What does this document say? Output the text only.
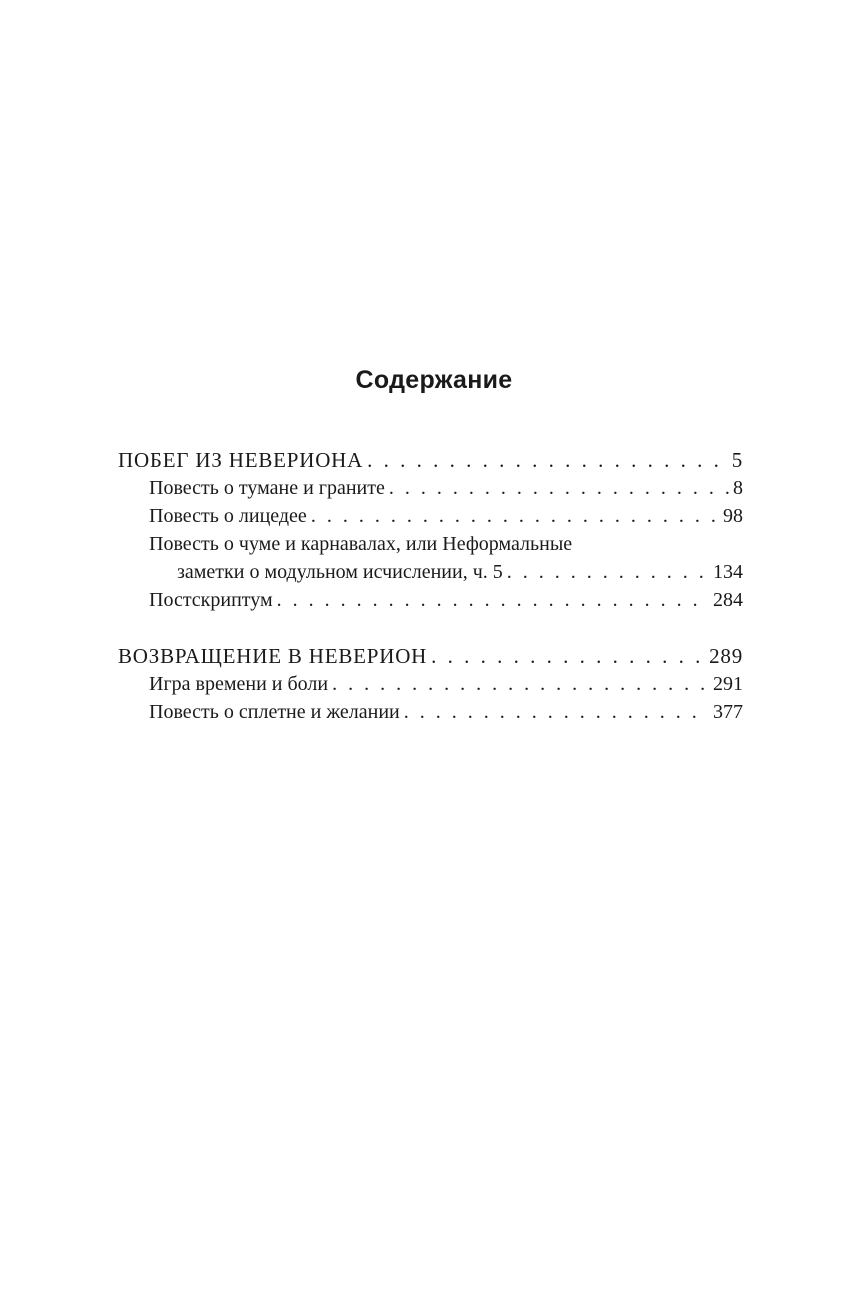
Содержание
ПОБЕГ ИЗ НЕВЕРИОНА . . .	5
Повесть о тумане и граните . . .	8
Повесть о лицедее . . .	98
Повесть о чуме и карнавалах, или Неформальные
заметки о модульном исчислении, ч. 5 . . .	134
Постскриптум . . .	284
ВОЗВРАЩЕНИЕ В НЕВЕРИОН . . .	289
Игра времени и боли . . .	291
Повесть о сплетне и желании . . .	377
